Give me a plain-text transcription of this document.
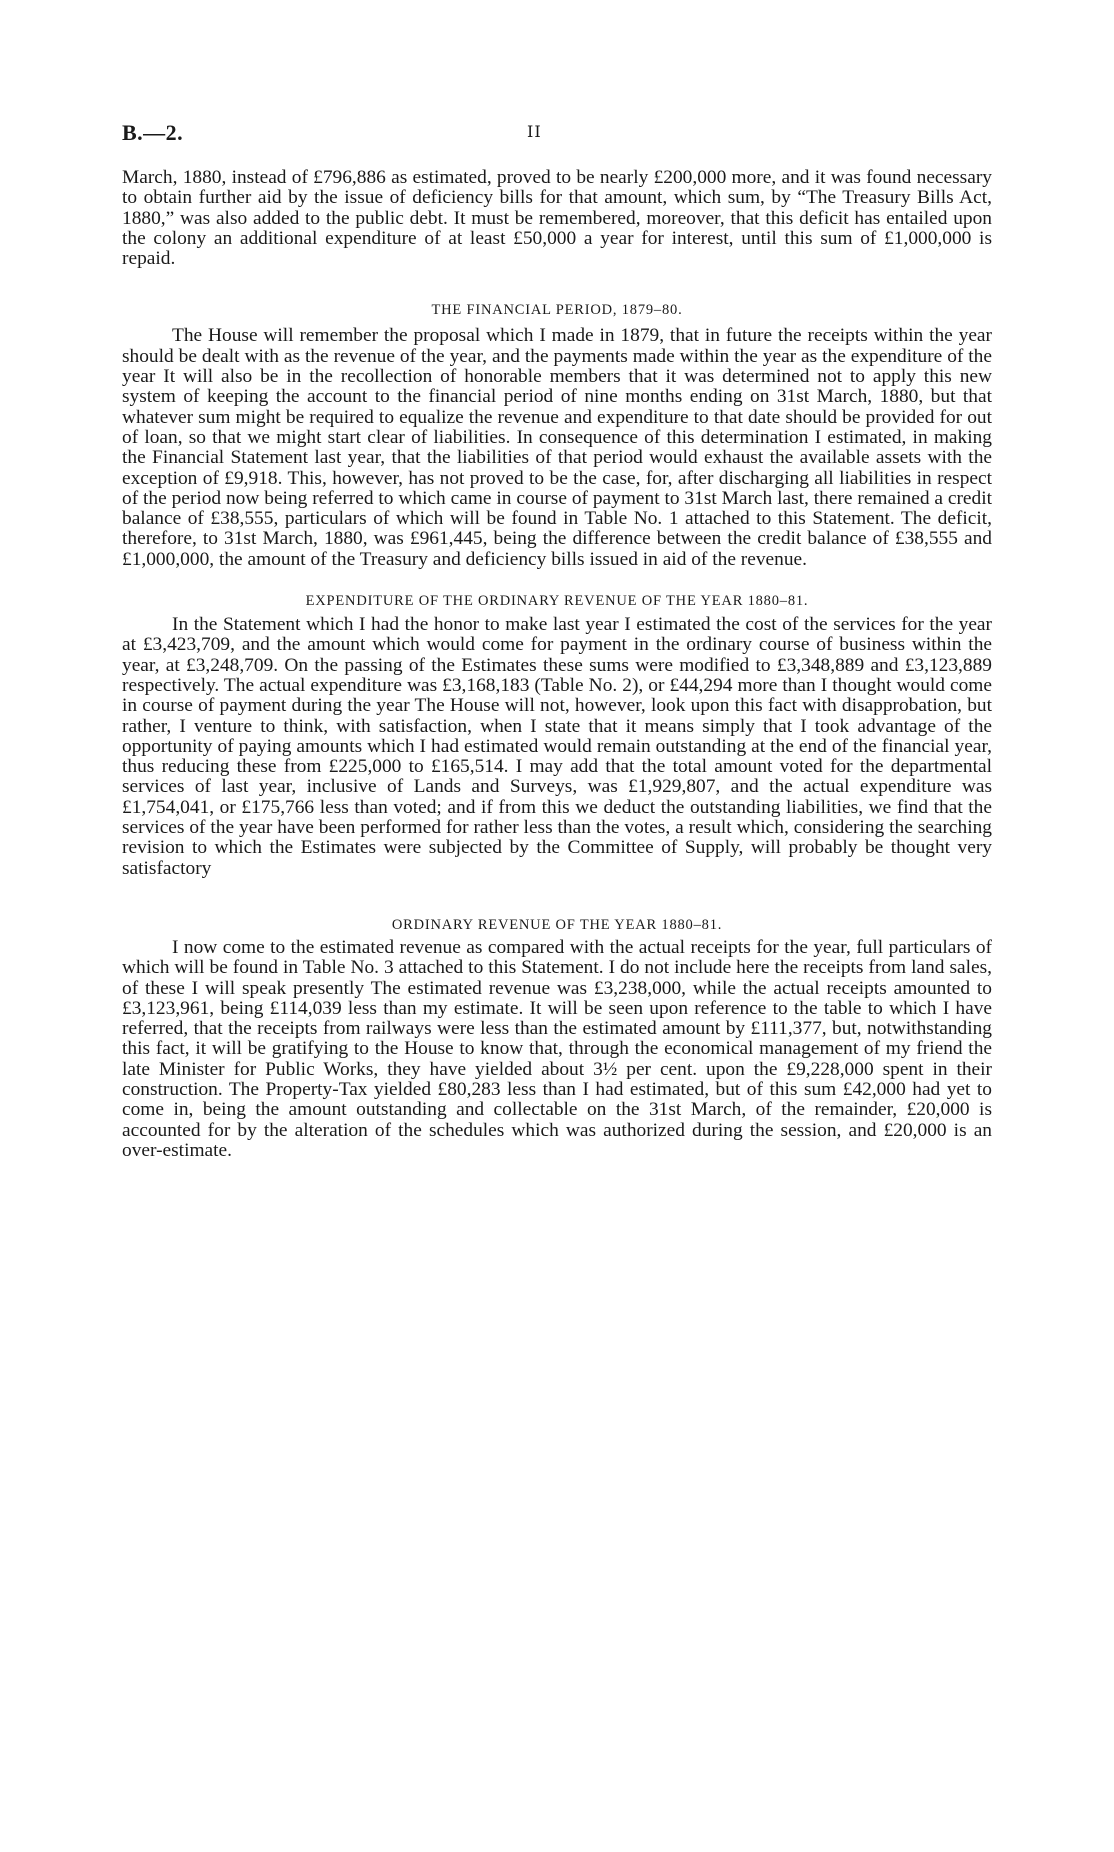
B.—2.	II

March, 1880, instead of £796,886 as estimated, proved to be nearly £200,000 more, and it was found necessary to obtain further aid by the issue of deficiency bills for that amount, which sum, by “The Treasury Bills Act, 1880,” was also added to the public debt. It must be remembered, moreover, that this deficit has entailed upon the colony an additional expenditure of at least £50,000 a year for interest, until this sum of £1,000,000 is repaid.

THE FINANCIAL PERIOD, 1879–80.

The House will remember the proposal which I made in 1879, that in future the receipts within the year should be dealt with as the revenue of the year, and the payments made within the year as the expenditure of the year It will also be in the recollection of honorable members that it was determined not to apply this new system of keeping the account to the financial period of nine months ending on 31st March, 1880, but that whatever sum might be required to equalize the revenue and expenditure to that date should be provided for out of loan, so that we might start clear of liabilities. In consequence of this determination I estimated, in making the Financial Statement last year, that the liabilities of that period would exhaust the available assets with the exception of £9,918. This, however, has not proved to be the case, for, after discharging all liabilities in respect of the period now being referred to which came in course of payment to 31st March last, there remained a credit balance of £38,555, particulars of which will be found in Table No. 1 attached to this Statement. The deficit, therefore, to 31st March, 1880, was £961,445, being the difference between the credit balance of £38,555 and £1,000,000, the amount of the Treasury and deficiency bills issued in aid of the revenue.

EXPENDITURE OF THE ORDINARY REVENUE OF THE YEAR 1880–81.

In the Statement which I had the honor to make last year I estimated the cost of the services for the year at £3,423,709, and the amount which would come for payment in the ordinary course of business within the year, at £3,248,709. On the passing of the Estimates these sums were modified to £3,348,889 and £3,123,889 respectively. The actual expenditure was £3,168,183 (Table No. 2), or £44,294 more than I thought would come in course of payment during the year The House will not, however, look upon this fact with disapprobation, but rather, I venture to think, with satisfaction, when I state that it means simply that I took advantage of the opportunity of paying amounts which I had estimated would remain outstanding at the end of the financial year, thus reducing these from £225,000 to £165,514. I may add that the total amount voted for the departmental services of last year, inclusive of Lands and Surveys, was £1,929,807, and the actual expenditure was £1,754,041, or £175,766 less than voted; and if from this we deduct the outstanding liabilities, we find that the services of the year have been performed for rather less than the votes, a result which, considering the searching revision to which the Estimates were subjected by the Committee of Supply, will probably be thought very satisfactory

ORDINARY REVENUE OF THE YEAR 1880–81.

I now come to the estimated revenue as compared with the actual receipts for the year, full particulars of which will be found in Table No. 3 attached to this Statement. I do not include here the receipts from land sales, of these I will speak presently The estimated revenue was £3,238,000, while the actual receipts amounted to £3,123,961, being £114,039 less than my estimate. It will be seen upon reference to the table to which I have referred, that the receipts from railways were less than the estimated amount by £111,377, but, notwithstanding this fact, it will be gratifying to the House to know that, through the economical management of my friend the late Minister for Public Works, they have yielded about 3½ per cent. upon the £9,228,000 spent in their construction. The Property-Tax yielded £80,283 less than I had estimated, but of this sum £42,000 had yet to come in, being the amount outstanding and collectable on the 31st March, of the remainder, £20,000 is accounted for by the alteration of the schedules which was authorized during the session, and £20,000 is an over-estimate.
